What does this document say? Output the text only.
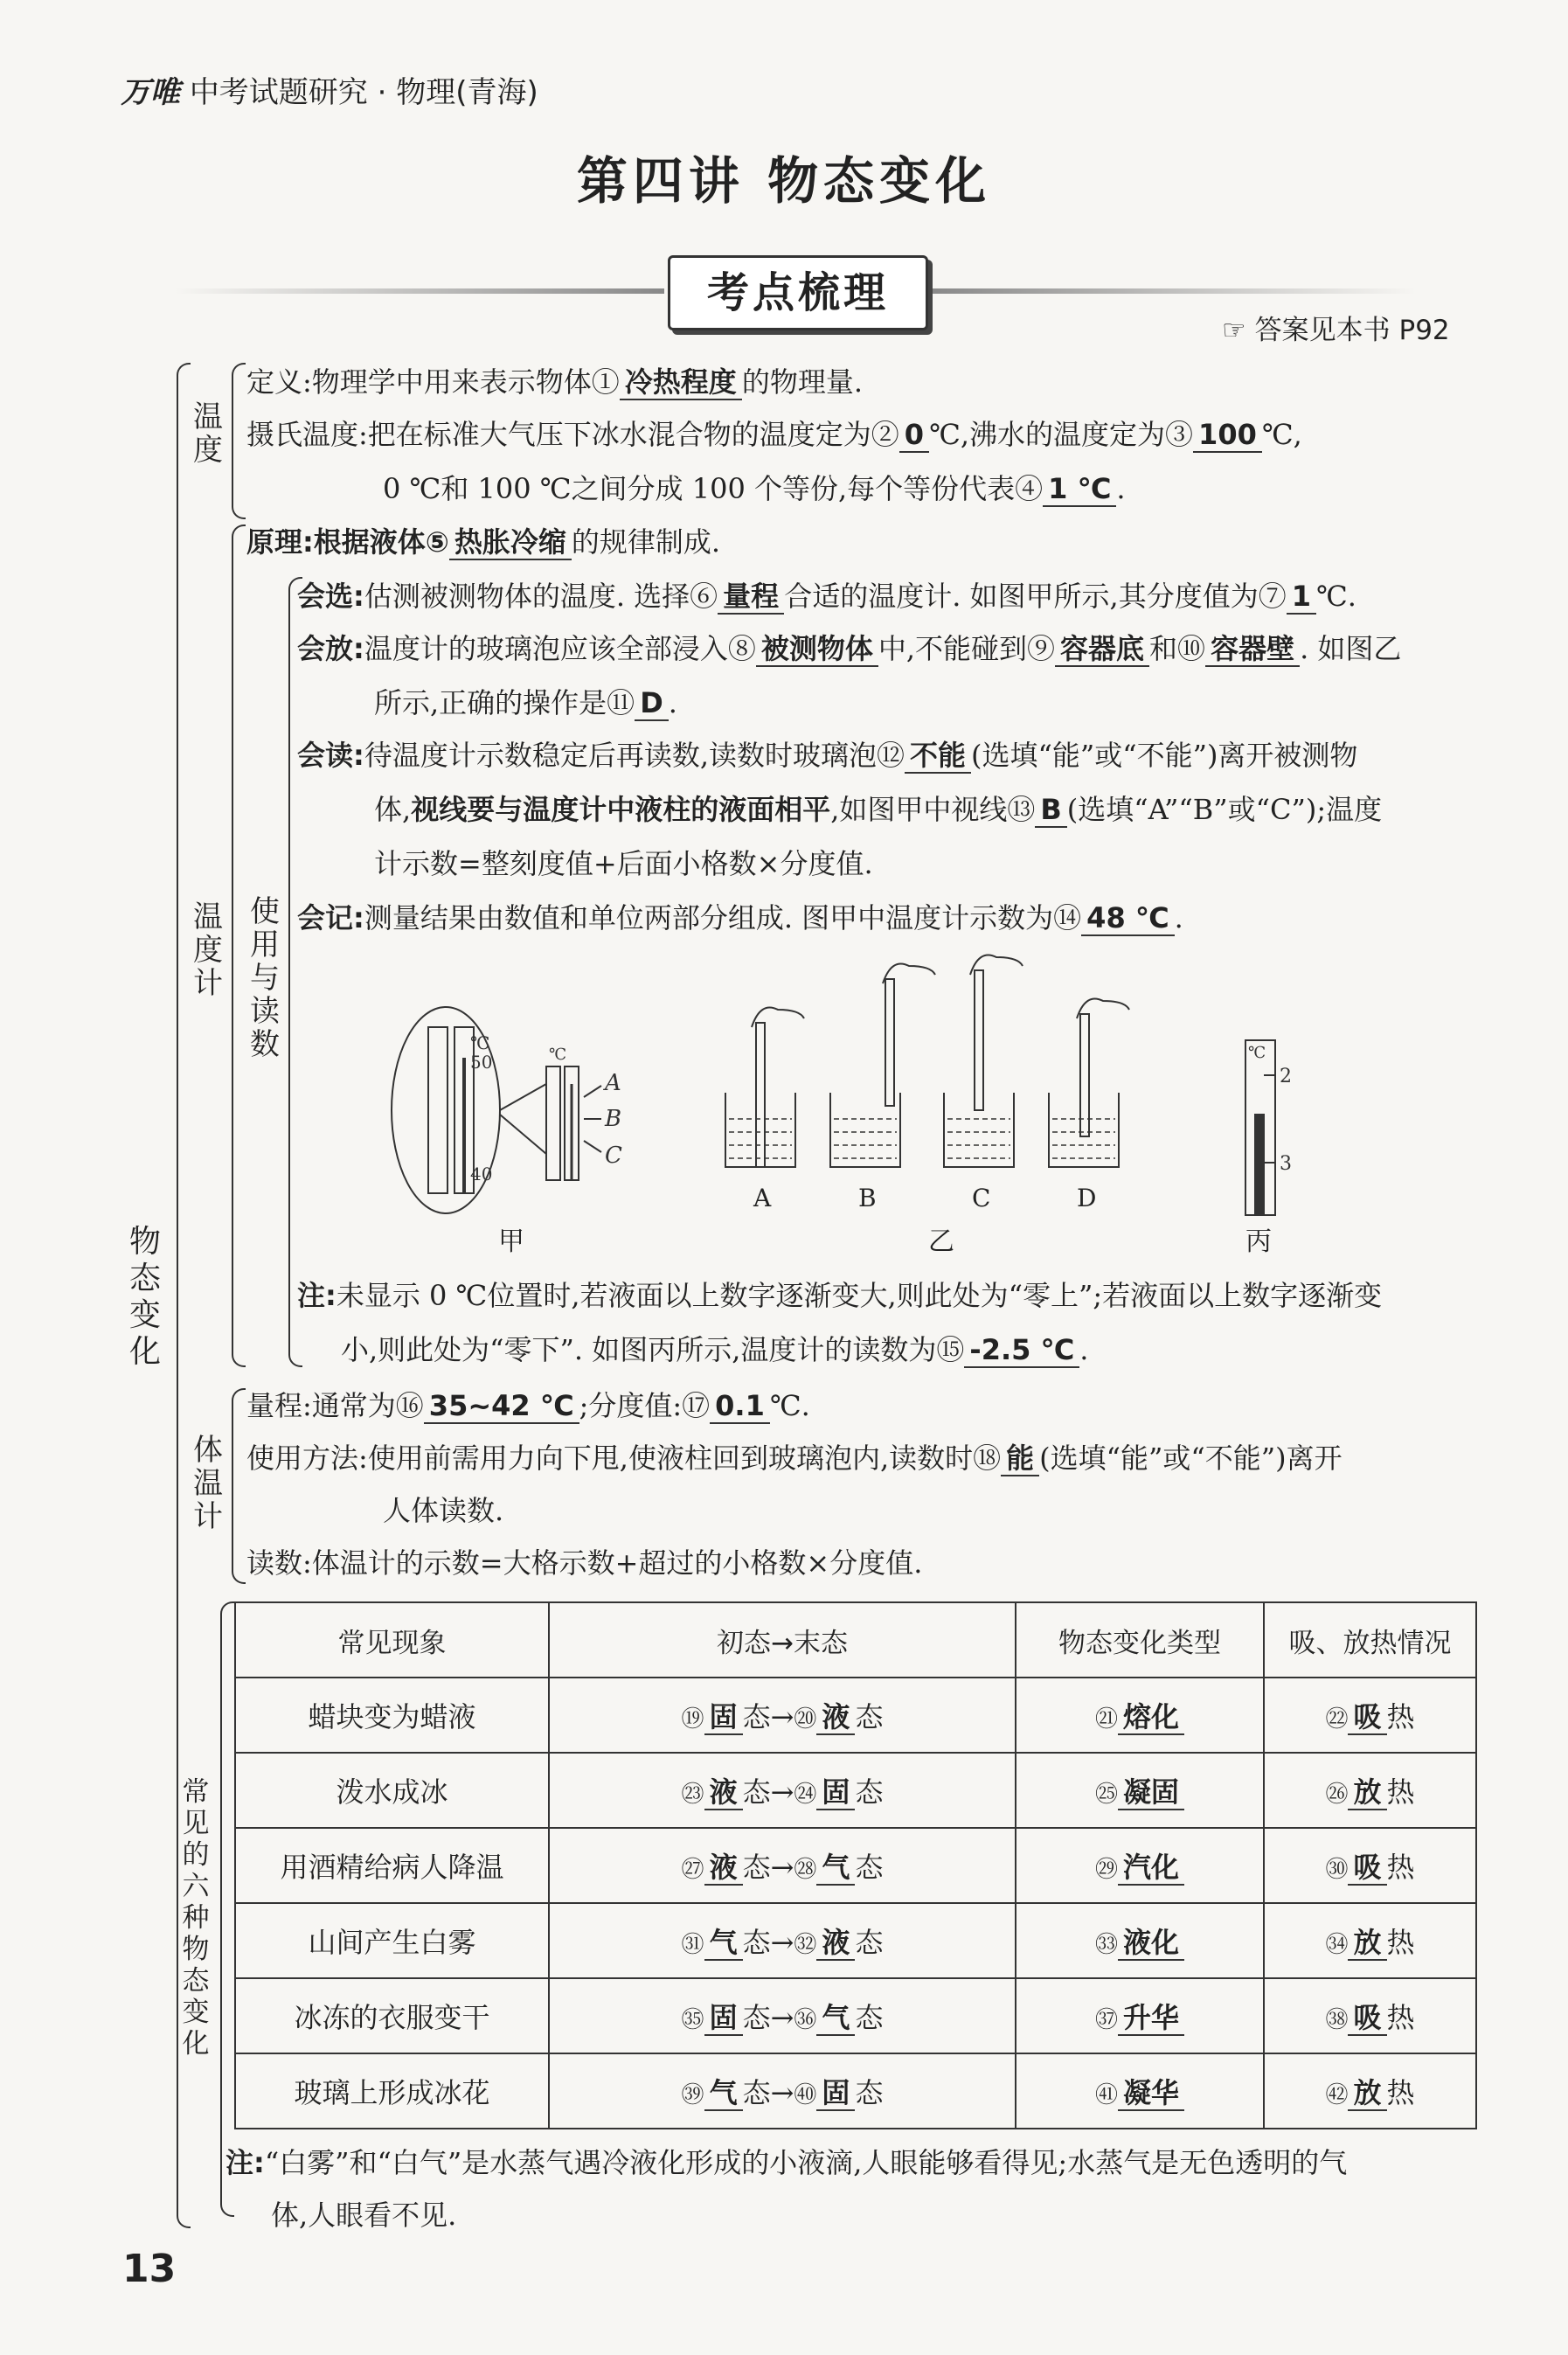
万唯 中考试题研究 · 物理(青海)
第四讲 物态变化
考点梳理
☞ 答案见本书 P92
物态变化
温度
定义:物理学中用来表示物体① 冷热程度 的物理量.
摄氏温度:把在标准大气压下冰水混合物的温度定为② 0 ℃,沸水的温度定为③ 100 ℃,
0 ℃和 100 ℃之间分成 100 个等份,每个等份代表④ 1 ℃ .
温度计
原理:根据液体⑤ 热胀冷缩 的规律制成.
使用与读数
会选:估测被测物体的温度. 选择⑥ 量程 合适的温度计. 如图甲所示,其分度值为⑦ 1 ℃.
会放:温度计的玻璃泡应该全部浸入⑧ 被测物体 中,不能碰到⑨ 容器底 和⑩ 容器壁 . 如图乙
所示,正确的操作是⑪ D .
会读:待温度计示数稳定后再读数,读数时玻璃泡⑫ 不能 (选填“能”或“不能”)离开被测物
体,视线要与温度计中液柱的液面相平,如图甲中视线⑬ B (选填“A”“B”或“C”);温度
计示数=整刻度值+后面小格数×分度值.
会记:测量结果由数值和单位两部分组成. 图甲中温度计示数为⑭ 48 ℃ .
℃
50
40
℃
A
B
C
甲
A	B	C	D
乙
℃
2
3
丙
注:未显示 0 ℃位置时,若液面以上数字逐渐变大,则此处为“零上”;若液面以上数字逐渐变
小,则此处为“零下”. 如图丙所示,温度计的读数为⑮ -2.5 ℃ .
体温计
量程:通常为⑯ 35~42 ℃ ;分度值:⑰ 0.1 ℃.
使用方法:使用前需用力向下甩,使液柱回到玻璃泡内,读数时⑱ 能 (选填“能”或“不能”)离开
人体读数.
读数:体温计的示数=大格示数+超过的小格数×分度值.
常见的六种物态变化
常见现象	初态→末态	物态变化类型	吸、放热情况
蜡块变为蜡液	⑲ 固 态→⑳ 液 态	㉑ 熔化	㉒ 吸 热
泼水成冰	㉓ 液 态→㉔ 固 态	㉕ 凝固	㉖ 放 热
用酒精给病人降温	㉗ 液 态→㉘ 气 态	㉙ 汽化	㉚ 吸 热
山间产生白雾	㉛ 气 态→㉜ 液 态	㉝ 液化	㉞ 放 热
冰冻的衣服变干	㉟ 固 态→㊱ 气 态	㊲ 升华	㊳ 吸 热
玻璃上形成冰花	㊴ 气 态→㊵ 固 态	㊶ 凝华	㊷ 放 热
注:“白雾”和“白气”是水蒸气遇冷液化形成的小液滴,人眼能够看得见;水蒸气是无色透明的气
体,人眼看不见.
13
